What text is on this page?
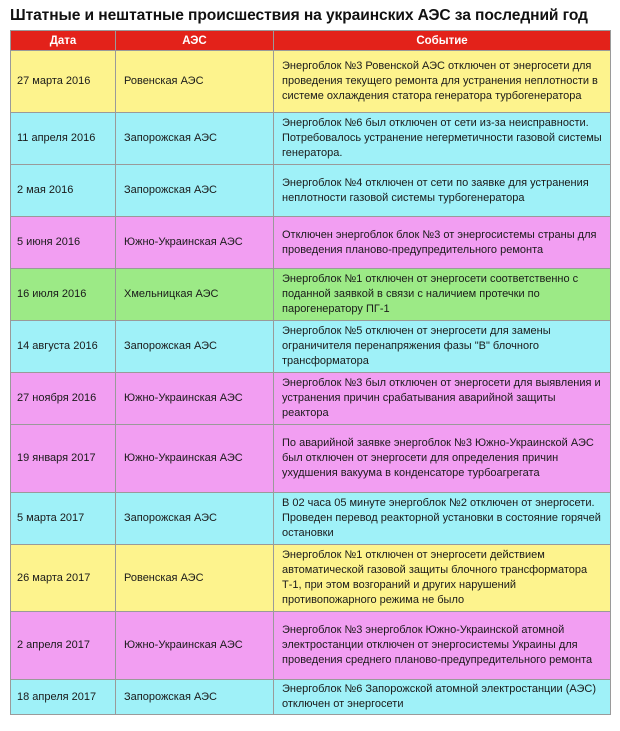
Штатные и нештатные происшествия на украинских АЭС за последний год
Дата	АЭС	Событие
27 марта 2016	Ровенская АЭС	Энергоблок №3 Ровенской АЭС отключен от энергосети для проведения текущего ремонта для устранения неплотности в системе охлаждения статора генератора турбогенератора
11 апреля 2016	Запорожская АЭС	Энергоблок №6 был отключен от сети из-за неисправности. Потребовалось устранение негерметичности газовой системы генератора.
2 мая 2016	Запорожская АЭС	Энергоблок №4 отключен от сети по заявке для устранения неплотности газовой системы турбогенератора
5 июня 2016	Южно-Украинская АЭС	Отключен энергоблок блок №3 от энергосистемы страны для проведения планово-предупредительного ремонта
16 июля 2016	Хмельницкая АЭС	Энергоблок №1 отключен от энергосети соответственно с поданной заявкой в связи с наличием протечки по парогенератору ПГ-1
14 августа 2016	Запорожская АЭС	Энергоблок №5 отключен от энергосети для замены ограничителя перенапряжения фазы "В" блочного трансформатора
27 ноября 2016	Южно-Украинская АЭС	Энергоблок №3 был отключен от энергосети для выявления и устранения причин срабатывания аварийной защиты реактора
19 января 2017	Южно-Украинская АЭС	По аварийной заявке энергоблок №3 Южно-Украинской АЭС был отключен от энергосети для определения причин ухудшения вакуума в конденсаторе турбоагрегата
5 марта 2017	Запорожская АЭС	В 02 часа 05 минуте энергоблок №2 отключен от энергосети. Проведен перевод реакторной установки в состояние горячей остановки
26 марта 2017	Ровенская АЭС	Энергоблок №1 отключен от энергосети действием автоматической газовой защиты блочного трансформатора Т-1, при этом возгораний и других нарушений противопожарного режима не было
2 апреля 2017	Южно-Украинская АЭС	Энергоблок №3 энергоблок Южно-Украинской атомной электростанции отключен от энергосистемы Украины для проведения среднего планово-предупредительного ремонта
18 апреля 2017	Запорожская АЭС	Энергоблок №6 Запорожской атомной электростанции (АЭС) отключен от энергосети
